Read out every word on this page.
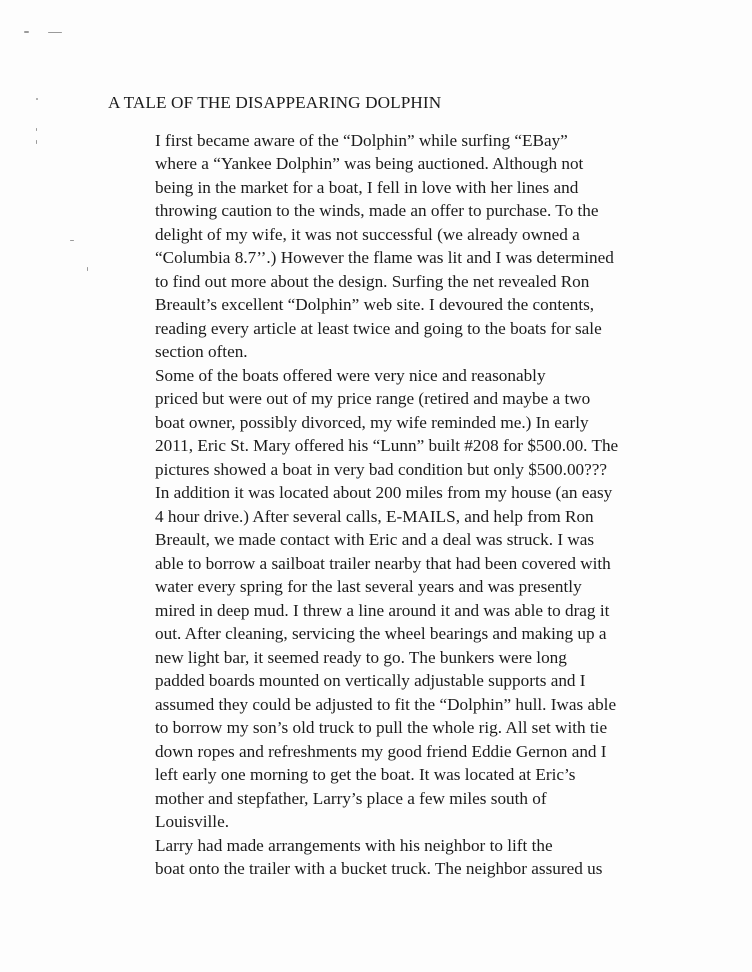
A TALE OF THE DISAPPEARING DOLPHIN

I first became aware of the “Dolphin” while surfing “EBay”
where a “Yankee Dolphin” was being auctioned. Although not
being in the market for a boat, I fell in love with her lines and
throwing caution to the winds, made an offer to purchase. To the
delight of my wife, it was not successful (we already owned a
“Columbia 8.7’’.) However the flame was lit and I was determined
to find out more about the design. Surfing the net revealed Ron
Breault’s excellent “Dolphin” web site. I devoured the contents,
reading every article at least twice and going to the boats for sale
section often.

Some of the boats offered were very nice and reasonably
priced but were out of my price range (retired and maybe a two
boat owner, possibly divorced, my wife reminded me.) In early
2011, Eric St. Mary offered his “Lunn” built #208 for $500.00. The
pictures showed a boat in very bad condition but only $500.00???
In addition it was located about 200 miles from my house (an easy
4 hour drive.) After several calls, E-MAILS, and help from Ron
Breault, we made contact with Eric and a deal was struck. I was
able to borrow a sailboat trailer nearby that had been covered with
water every spring for the last several years and was presently
mired in deep mud. I threw a line around it and was able to drag it
out. After cleaning, servicing the wheel bearings and making up a
new light bar, it seemed ready to go. The bunkers were long
padded boards mounted on vertically adjustable supports and I
assumed they could be adjusted to fit the “Dolphin” hull. Iwas able
to borrow my son’s old truck to pull the whole rig. All set with tie
down ropes and refreshments my good friend Eddie Gernon and I
left early one morning to get the boat. It was located at Eric’s
mother and stepfather, Larry’s place a few miles south of
Louisville.

Larry had made arrangements with his neighbor to lift the
boat onto the trailer with a bucket truck. The neighbor assured us
